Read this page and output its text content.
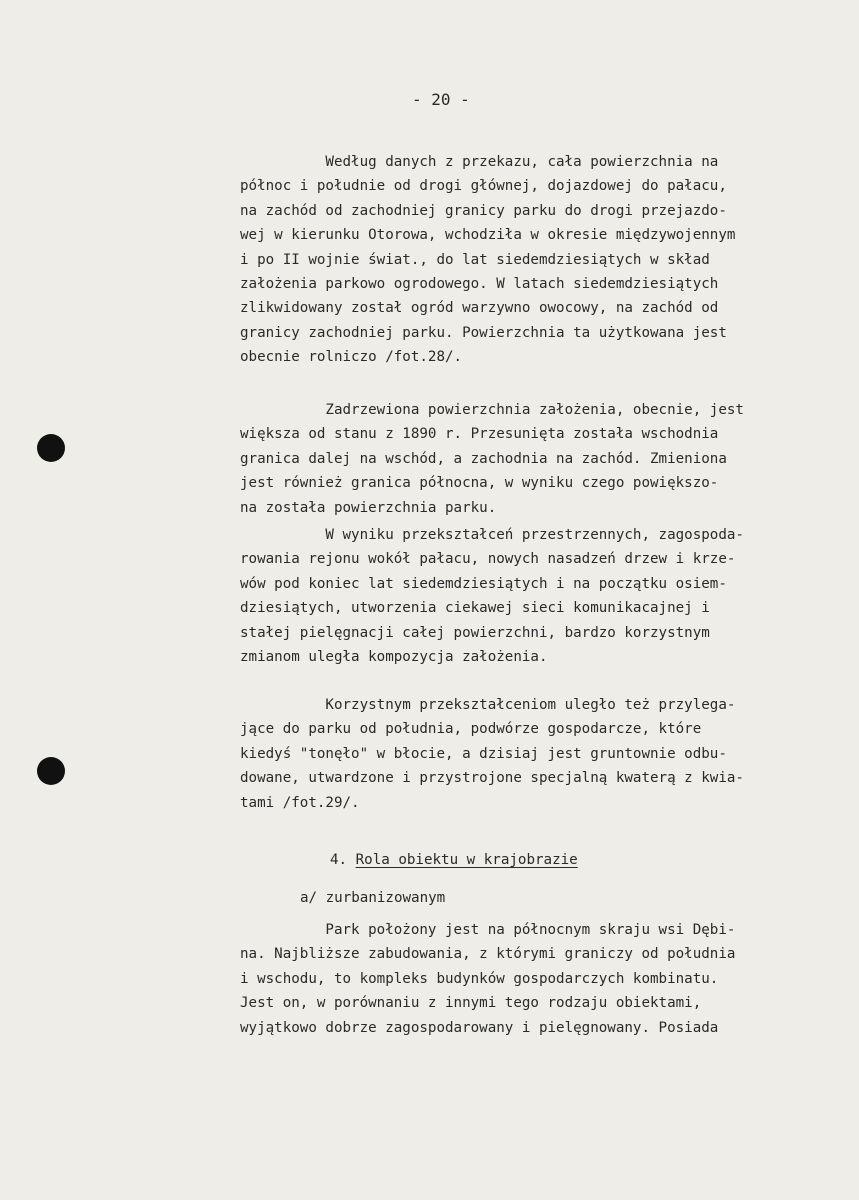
- 20 -
Według danych z przekazu, cała powierzchnia na
północ i południe od drogi głównej, dojazdowej do pałacu,
na zachód od zachodniej granicy parku do drogi przejazdo-
wej w kierunku Otorowa, wchodziła w okresie międzywojennym
i po II wojnie świat., do lat siedemdziesiątych w skład
założenia parkowo ogrodowego. W latach siedemdziesiątych
zlikwidowany został ogród warzywno owocowy, na zachód od
granicy zachodniej parku. Powierzchnia ta użytkowana jest
obecnie rolniczo /fot.28/.
Zadrzewiona powierzchnia założenia, obecnie, jest
większa od stanu z 1890 r. Przesunięta została wschodnia
granica dalej na wschód, a zachodnia na zachód. Zmieniona
jest również granica północna, w wyniku czego powiększo-
na została powierzchnia parku.
W wyniku przekształceń przestrzennych, zagospoda-
rowania rejonu wokół pałacu, nowych nasadzeń drzew i krze-
wów pod koniec lat siedemdziesiątych i na początku osiem-
dziesiątych, utworzenia ciekawej sieci komunikacajnej i
stałej pielęgnacji całej powierzchni, bardzo korzystnym
zmianom uległa kompozycja założenia.
Korzystnym przekształceniom uległo też przylega-
jące do parku od południa, podwórze gospodarcze, które
kiedyś "tonęło" w błocie, a dzisiaj jest gruntownie odbu-
dowane, utwardzone i przystrojone specjalną kwaterą z kwia-
tami /fot.29/.
4. Rola obiektu w krajobrazie
a/ zurbanizowanym
Park położony jest na północnym skraju wsi Dębi-
na. Najbliższe zabudowania, z którymi graniczy od południa
i wschodu, to kompleks budynków gospodarczych kombinatu.
Jest on, w porównaniu z innymi tego rodzaju obiektami,
wyjątkowo dobrze zagospodarowany i pielęgnowany. Posiada
